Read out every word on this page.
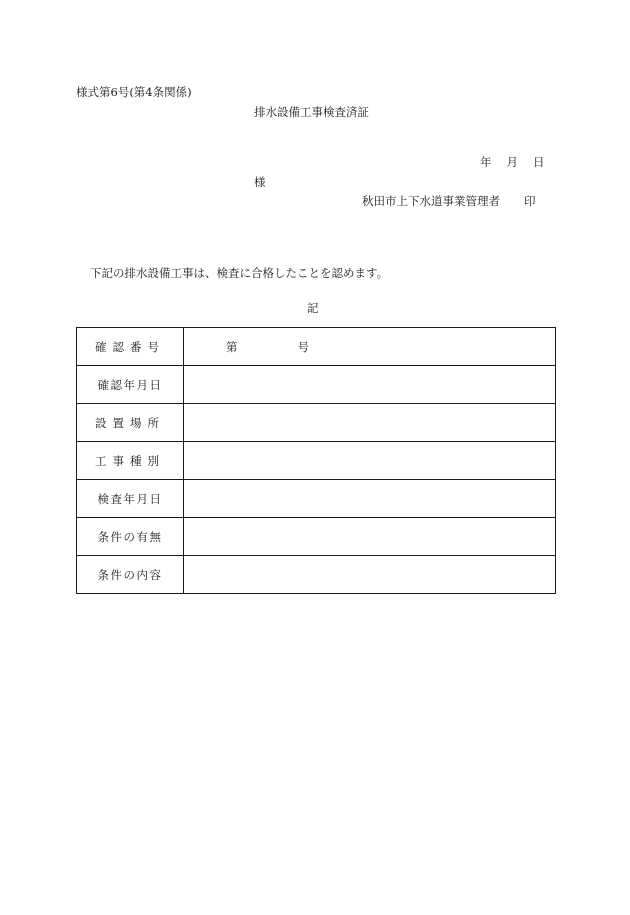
様式第6号(第4条関係)
排水設備工事検査済証
年 月 日
様
秋田市上下水道事業管理者 印
下記の排水設備工事は、検査に合格したことを認めます。
記
確認番号	第 号
確認年月日	
設置場所	
工事種別	
検査年月日	
条件の有無	
条件の内容	
